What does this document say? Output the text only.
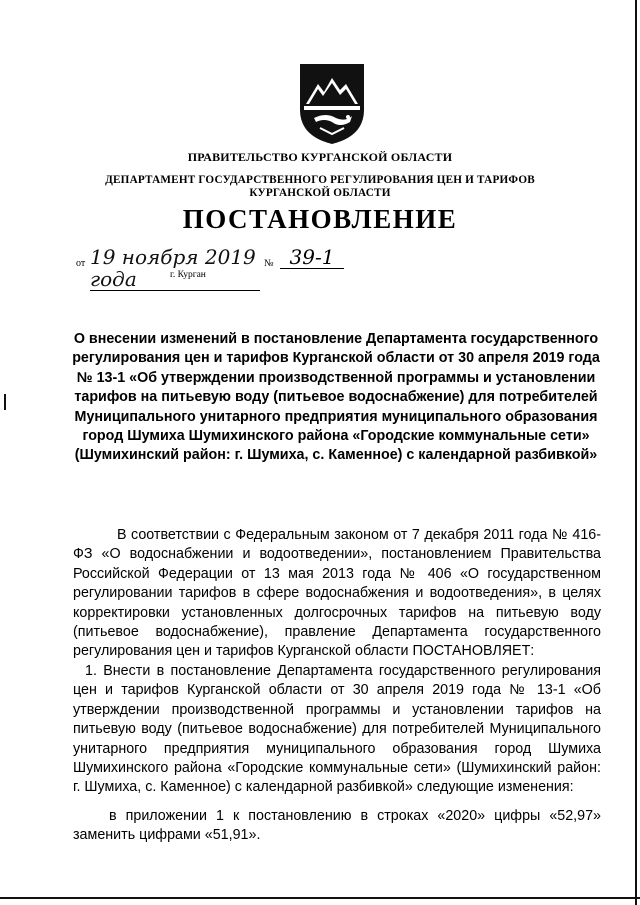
ПРАВИТЕЛЬСТВО КУРГАНСКОЙ ОБЛАСТИ
ДЕПАРТАМЕНТ ГОСУДАРСТВЕННОГО РЕГУЛИРОВАНИЯ ЦЕН И ТАРИФОВ КУРГАНСКОЙ ОБЛАСТИ
ПОСТАНОВЛЕНИЕ
от 19 ноября 2019 года
№ 39-1
г. Курган
О внесении изменений в постановление Департамента государственного регулирования цен и тарифов Курганской области от 30 апреля 2019 года № 13-1 «Об утверждении производственной программы и установлении тарифов на питьевую воду (питьевое водоснабжение) для потребителей Муниципального унитарного предприятия муниципального образования город Шумиха Шумихинского района «Городские коммунальные сети» (Шумихинский район: г. Шумиха, с. Каменное) с календарной разбивкой»
В соответствии с Федеральным законом от 7 декабря 2011 года № 416-ФЗ «О водоснабжении и водоотведении», постановлением Правительства Российской Федерации от 13 мая 2013 года № 406 «О государственном регулировании тарифов в сфере водоснабжения и водоотведения», в целях корректировки установленных долгосрочных тарифов на питьевую воду (питьевое водоснабжение), правление Департамента государственного регулирования цен и тарифов Курганской области ПОСТАНОВЛЯЕТ:
1. Внести в постановление Департамента государственного регулирования цен и тарифов Курганской области от 30 апреля 2019 года № 13-1 «Об утверждении производственной программы и установлении тарифов на питьевую воду (питьевое водоснабжение) для потребителей Муниципального унитарного предприятия муниципального образования город Шумиха Шумихинского района «Городские коммунальные сети» (Шумихинский район: г. Шумиха, с. Каменное) с календарной разбивкой» следующие изменения:
в приложении 1 к постановлению в строках «2020» цифры «52,97» заменить цифрами «51,91».
